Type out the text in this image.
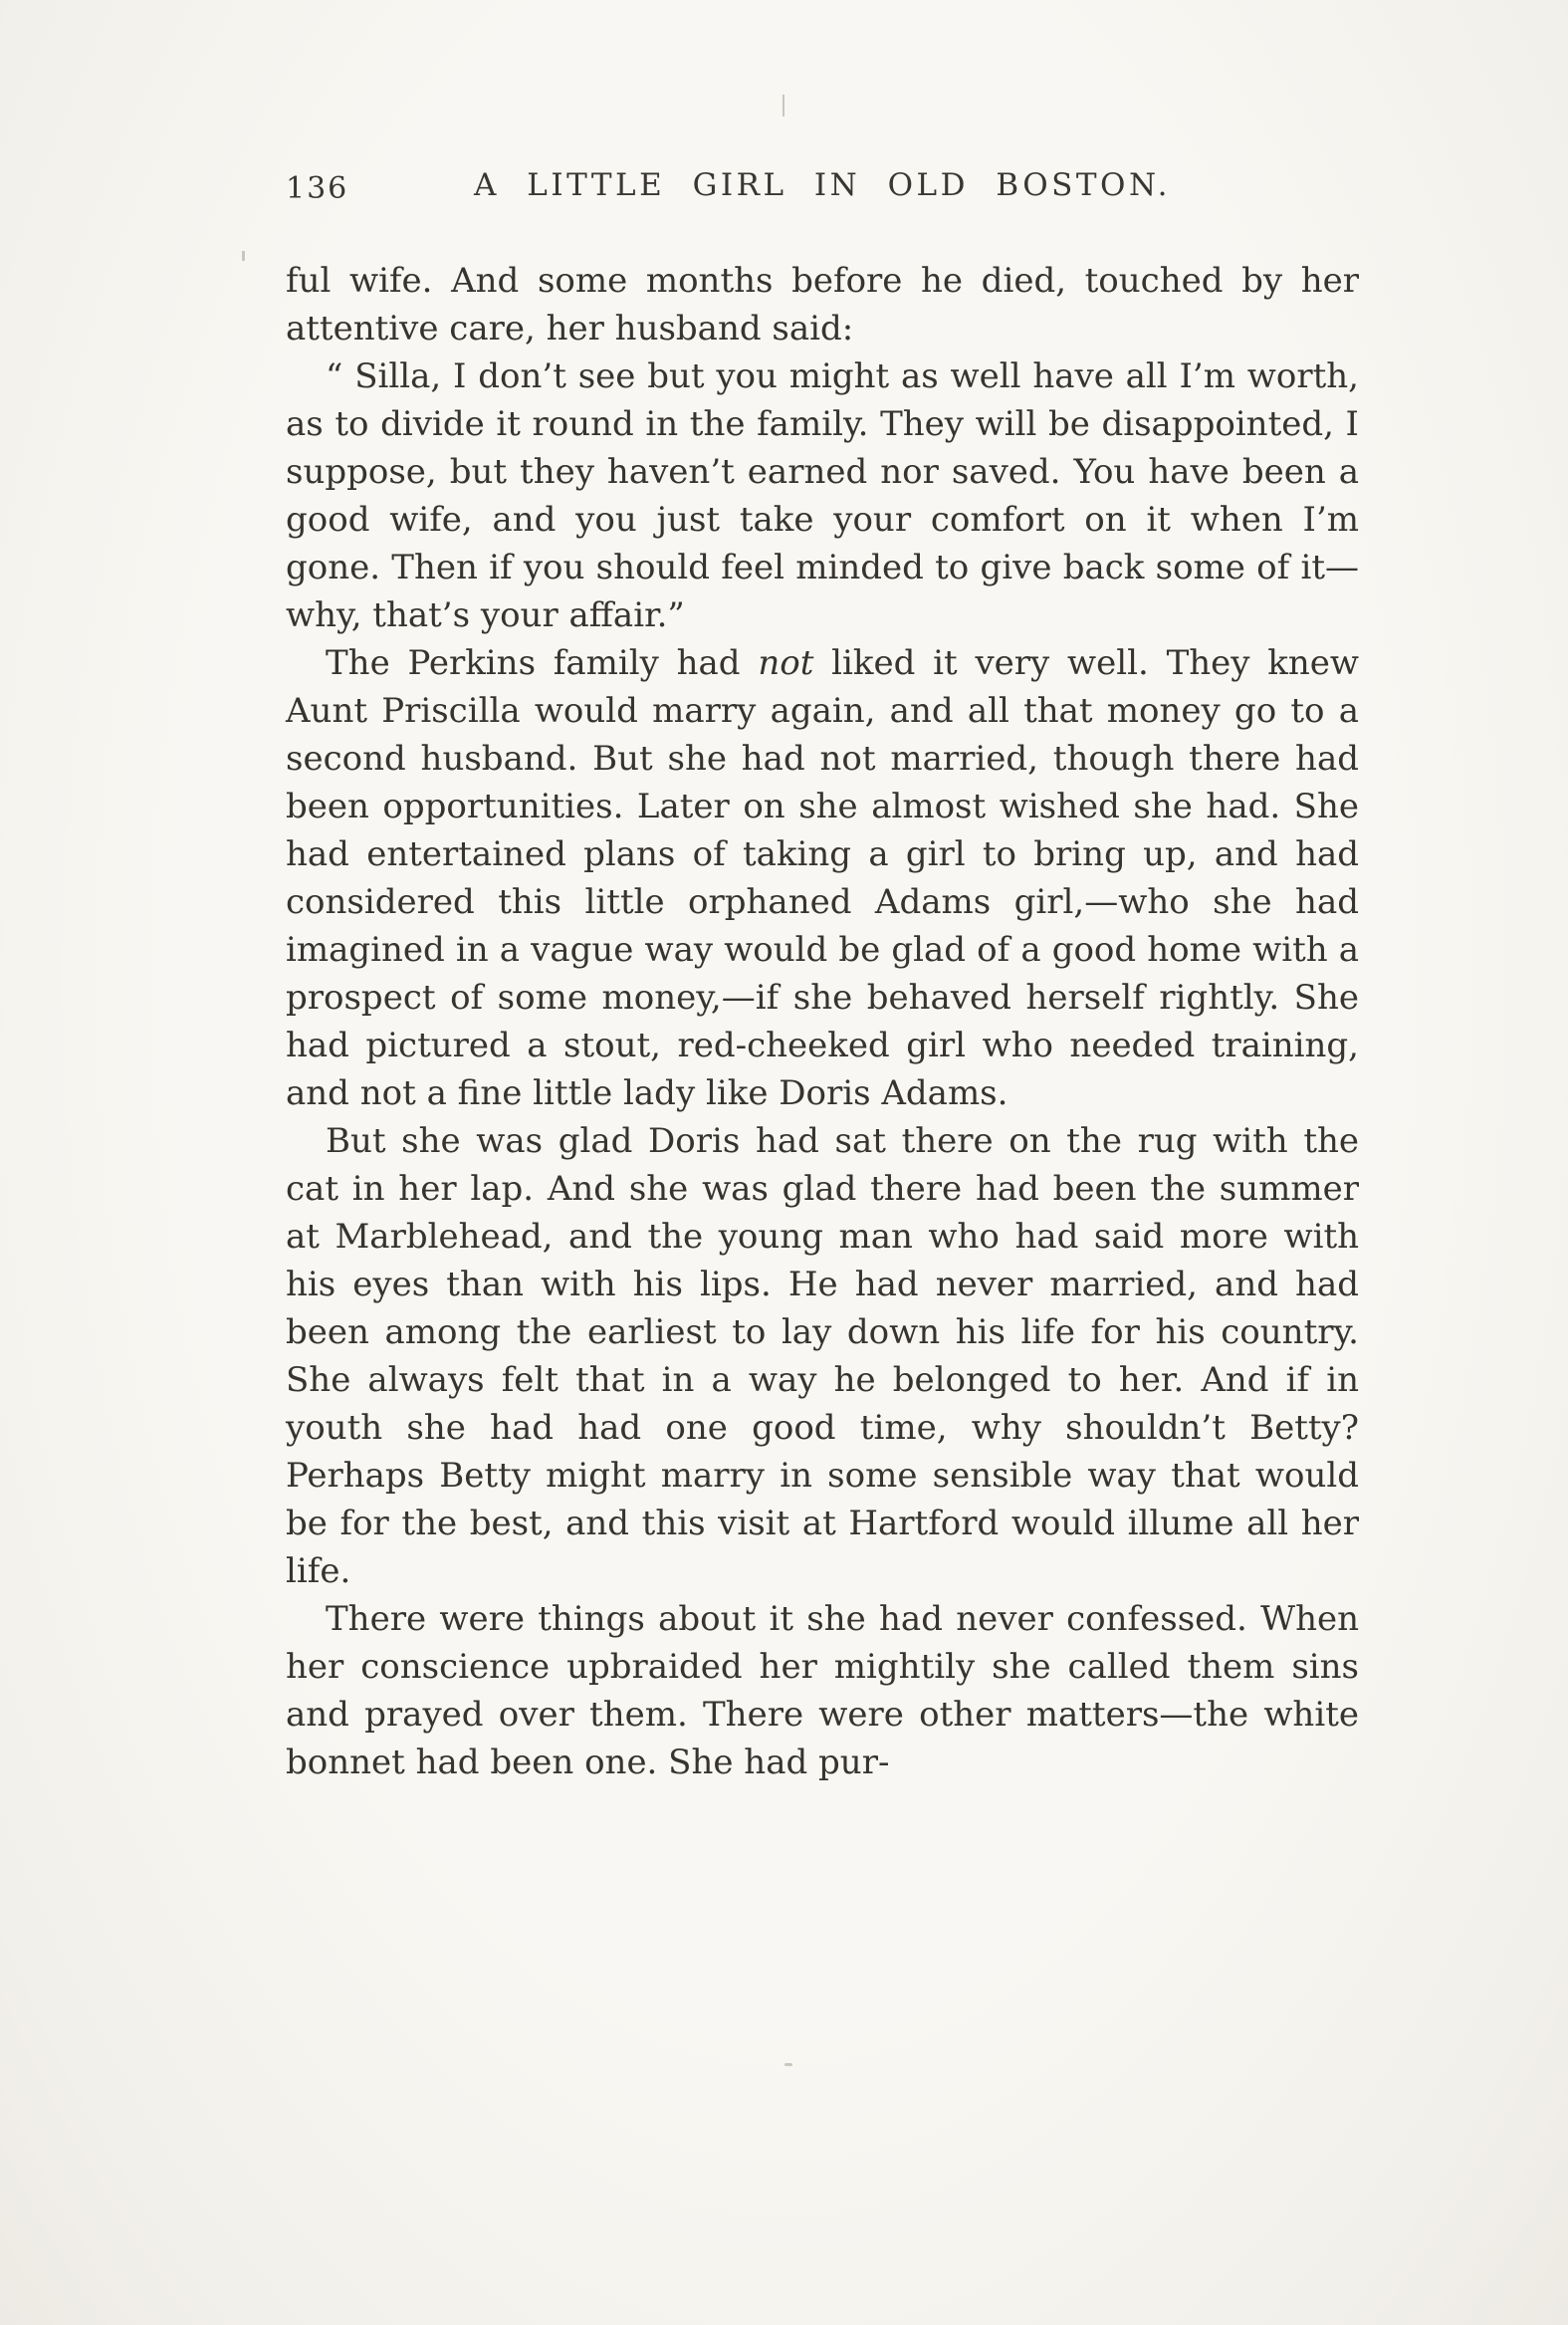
136	A LITTLE GIRL IN OLD BOSTON.

ful wife. And some months before he died, touched by her attentive care, her husband said:

“ Silla, I don’t see but you might as well have all I’m worth, as to divide it round in the family. They will be disappointed, I suppose, but they haven’t earned nor saved. You have been a good wife, and you just take your comfort on it when I’m gone. Then if you should feel minded to give back some of it—why, that’s your affair.”

The Perkins family had not liked it very well. They knew Aunt Priscilla would marry again, and all that money go to a second husband. But she had not married, though there had been opportunities. Later on she almost wished she had. She had entertained plans of taking a girl to bring up, and had considered this little orphaned Adams girl,—who she had imagined in a vague way would be glad of a good home with a prospect of some money,—if she behaved herself rightly. She had pictured a stout, red-cheeked girl who needed training, and not a fine little lady like Doris Adams.

But she was glad Doris had sat there on the rug with the cat in her lap. And she was glad there had been the summer at Marblehead, and the young man who had said more with his eyes than with his lips. He had never married, and had been among the earliest to lay down his life for his country. She always felt that in a way he belonged to her. And if in youth she had had one good time, why shouldn’t Betty? Perhaps Betty might marry in some sensible way that would be for the best, and this visit at Hartford would illume all her life.

There were things about it she had never confessed. When her conscience upbraided her mightily she called them sins and prayed over them. There were other matters—the white bonnet had been one. She had pur-
